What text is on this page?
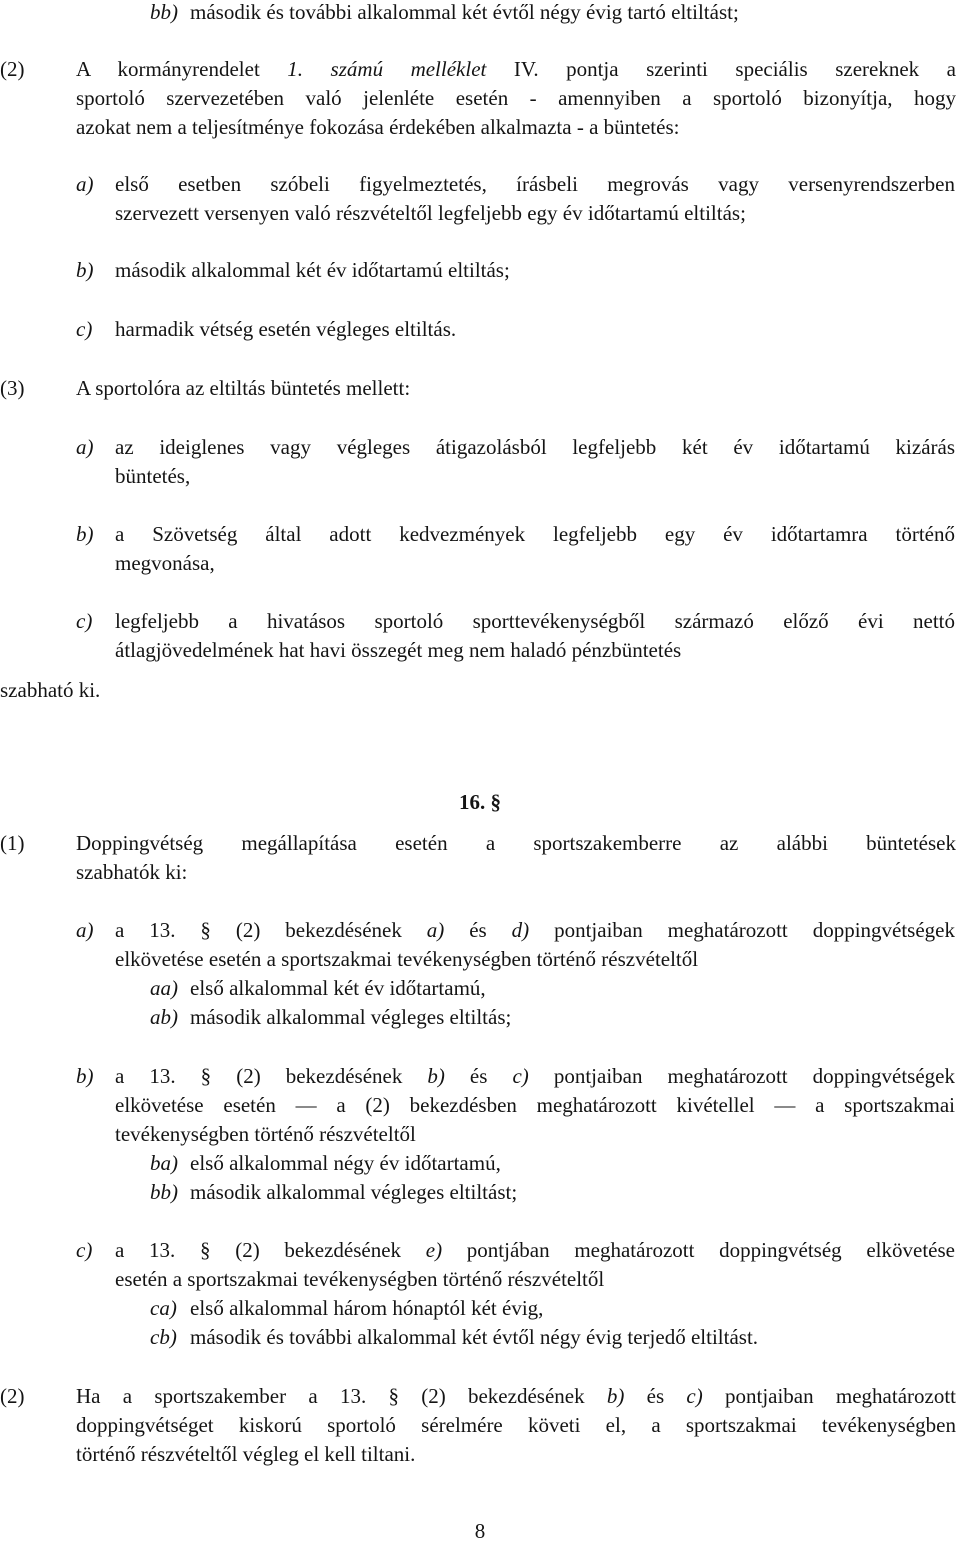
bb) második és további alkalommal két évtől négy évig tartó eltiltást;
(2) A kormányrendelet 1. számú melléklet IV. pontja szerinti speciális szereknek a
sportoló szervezetében való jelenléte esetén - amennyiben a sportoló bizonyítja, hogy
azokat nem a teljesítménye fokozása érdekében alkalmazta - a büntetés:
a) első esetben szóbeli figyelmeztetés, írásbeli megrovás vagy versenyrendszerben
szervezett versenyen való részvételtől legfeljebb egy év időtartamú eltiltás;
b) második alkalommal két év időtartamú eltiltás;
c) harmadik vétség esetén végleges eltiltás.
(3) A sportolóra az eltiltás büntetés mellett:
a) az ideiglenes vagy végleges átigazolásból legfeljebb két év időtartamú kizárás
büntetés,
b) a Szövetség által adott kedvezmények legfeljebb egy év időtartamra történő
megvonása,
c) legfeljebb a hivatásos sportoló sporttevékenységből származó előző évi nettó
átlagjövedelmének hat havi összegét meg nem haladó pénzbüntetés
szabható ki.
16. §
(1) Doppingvétség megállapítása esetén a sportszakemberre az alábbi büntetések
szabhatók ki:
a) a 13. § (2) bekezdésének a) és d) pontjaiban meghatározott doppingvétségek
elkövetése esetén a sportszakmai tevékenységben történő részvételtől
aa) első alkalommal két év időtartamú,
ab) második alkalommal végleges eltiltás;
b) a 13. § (2) bekezdésének b) és c) pontjaiban meghatározott doppingvétségek
elkövetése esetén — a (2) bekezdésben meghatározott kivétellel — a sportszakmai
tevékenységben történő részvételtől
ba) első alkalommal négy év időtartamú,
bb) második alkalommal végleges eltiltást;
c) a 13. § (2) bekezdésének e) pontjában meghatározott doppingvétség elkövetése
esetén a sportszakmai tevékenységben történő részvételtől
ca) első alkalommal három hónaptól két évig,
cb) második és további alkalommal két évtől négy évig terjedő eltiltást.
(2) Ha a sportszakember a 13. § (2) bekezdésének b) és c) pontjaiban meghatározott
doppingvétséget kiskorú sportoló sérelmére követi el, a sportszakmai tevékenységben
történő részvételtől végleg el kell tiltani.
8
